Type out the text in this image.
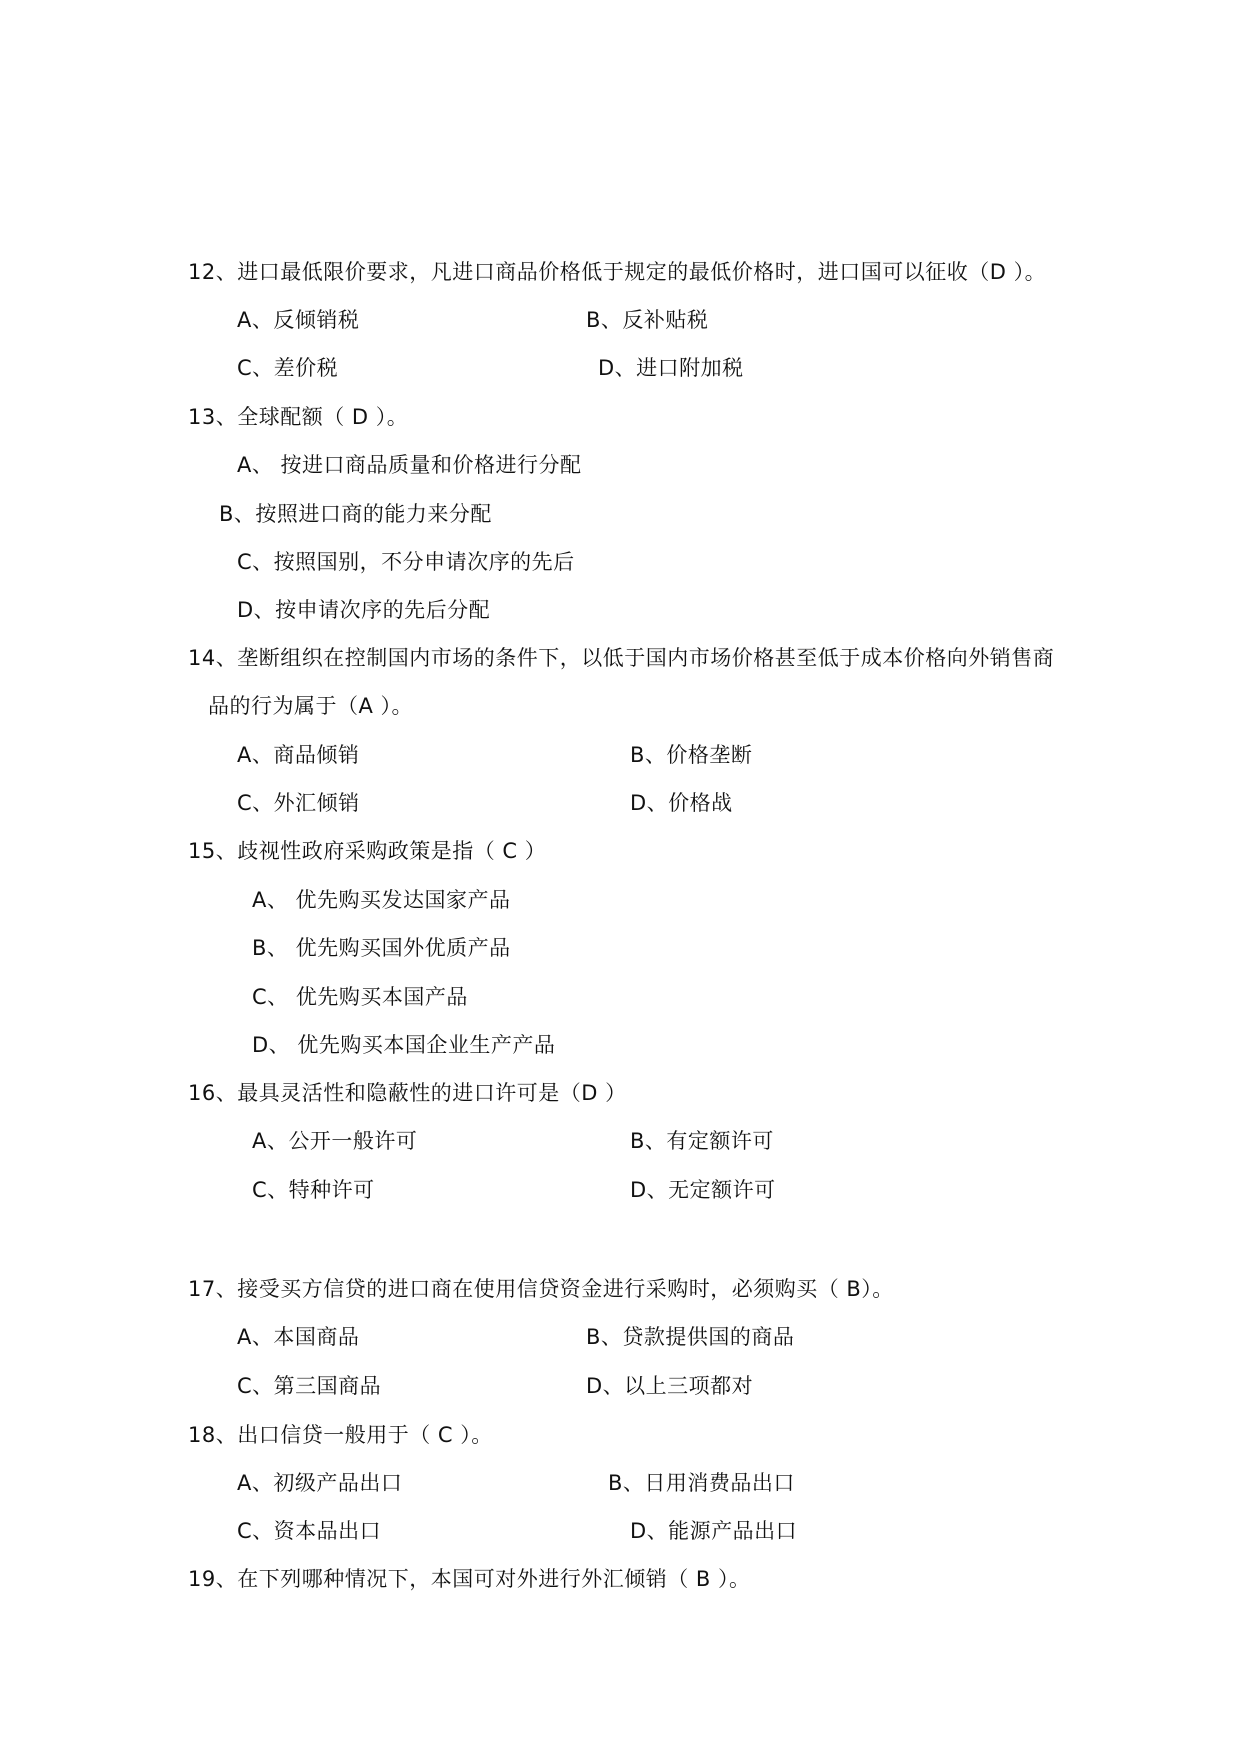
12、进口最低限价要求，凡进口商品价格低于规定的最低价格时，进口国可以征收（D ）。
A、反倾销税	B、反补贴税
C、差价税	D、进口附加税
13、全球配额（ D ）。
A、 按进口商品质量和价格进行分配
B、按照进口商的能力来分配
C、按照国别，不分申请次序的先后
D、按申请次序的先后分配
14、垄断组织在控制国内市场的条件下，以低于国内市场价格甚至低于成本价格向外销售商
品的行为属于（A ）。
A、商品倾销	B、价格垄断
C、外汇倾销	D、价格战
15、歧视性政府采购政策是指（ C ）
A、 优先购买发达国家产品
B、 优先购买国外优质产品
C、 优先购买本国产品
D、 优先购买本国企业生产产品
16、最具灵活性和隐蔽性的进口许可是（D ）
A、公开一般许可	B、有定额许可
C、特种许可	D、无定额许可
17、接受买方信贷的进口商在使用信贷资金进行采购时，必须购买（ B）。
A、本国商品	B、贷款提供国的商品
C、第三国商品	D、以上三项都对
18、出口信贷一般用于（ C ）。
A、初级产品出口	B、日用消费品出口
C、资本品出口	D、能源产品出口
19、在下列哪种情况下，本国可对外进行外汇倾销（ B ）。
